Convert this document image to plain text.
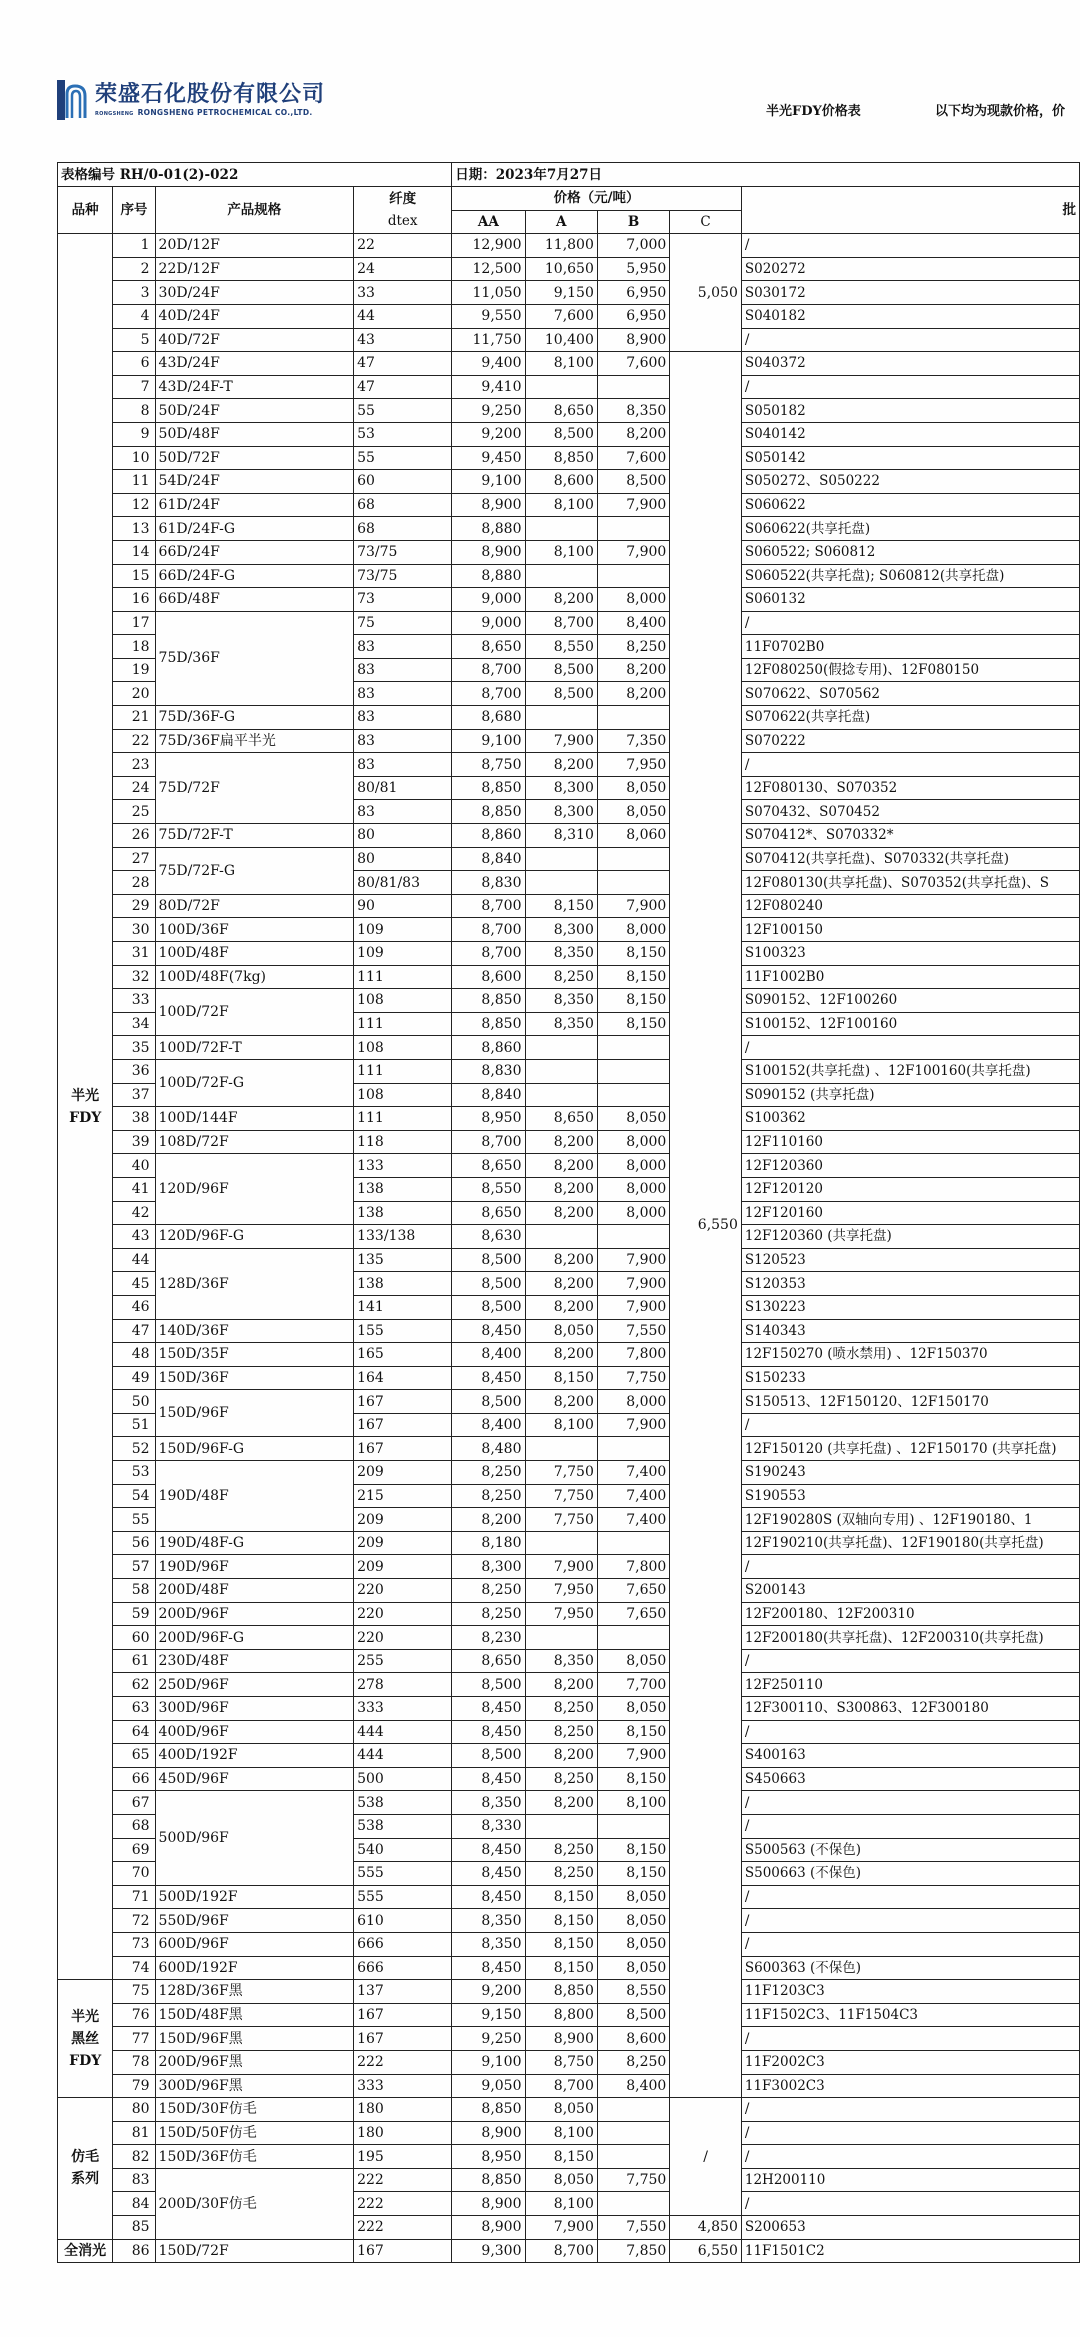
荣盛石化股份有限公司
RONGSHENG RONGSHENG PETROCHEMICAL CO.,LTD.	半光FDY价格表	以下均为现款价格，价
表格编号 RH/0-01(2)-022				日期：2023年7月27日				
品种	序号	产品规格	纤度
dtex	价格（元/吨）				批
				AA	A	B	C	
半光
FDY	1	20D/12F	22	12,900	11,800	7,000	5,050	/
	2	22D/12F	24	12,500	10,650	5,950		S020272
	3	30D/24F	33	11,050	9,150	6,950		S030172
	4	40D/24F	44	9,550	7,600	6,950		S040182
	5	40D/72F	43	11,750	10,400	8,900		/
	6	43D/24F	47	9,400	8,100	7,600	6,550	S040372
	7	43D/24F-T	47	9,410				/
	8	50D/24F	55	9,250	8,650	8,350		S050182
	9	50D/48F	53	9,200	8,500	8,200		S040142
	10	50D/72F	55	9,450	8,850	7,600		S050142
	11	54D/24F	60	9,100	8,600	8,500		S050272、S050222
	12	61D/24F	68	8,900	8,100	7,900		S060622
	13	61D/24F-G	68	8,880				S060622(共享托盘)
	14	66D/24F	73/75	8,900	8,100	7,900		S060522; S060812
	15	66D/24F-G	73/75	8,880				S060522(共享托盘); S060812(共享托盘)
	16	66D/48F	73	9,000	8,200	8,000		S060132
	17	75D/36F	75	9,000	8,700	8,400		/
	18		83	8,650	8,550	8,250		11F0702B0
	19		83	8,700	8,500	8,200		12F080250(假捻专用)、12F080150
	20		83	8,700	8,500	8,200		S070622、S070562
	21	75D/36F-G	83	8,680				S070622(共享托盘)
	22	75D/36F扁平半光	83	9,100	7,900	7,350		S070222
	23	75D/72F	83	8,750	8,200	7,950		/
	24		80/81	8,850	8,300	8,050		12F080130、S070352
	25		83	8,850	8,300	8,050		S070432、S070452
	26	75D/72F-T	80	8,860	8,310	8,060		S070412*、S070332*
	27	75D/72F-G	80	8,840				S070412(共享托盘)、S070332(共享托盘)
	28		80/81/83	8,830				12F080130(共享托盘)、S070352(共享托盘)、S
	29	80D/72F	90	8,700	8,150	7,900		12F080240
	30	100D/36F	109	8,700	8,300	8,000		12F100150
	31	100D/48F	109	8,700	8,350	8,150		S100323
	32	100D/48F(7kg)	111	8,600	8,250	8,150		11F1002B0
	33	100D/72F	108	8,850	8,350	8,150		S090152、12F100260
	34		111	8,850	8,350	8,150		S100152、12F100160
	35	100D/72F-T	108	8,860				/
	36	100D/72F-G	111	8,830				S100152(共享托盘) 、12F100160(共享托盘)
	37		108	8,840				S090152 (共享托盘)
	38	100D/144F	111	8,950	8,650	8,050		S100362
	39	108D/72F	118	8,700	8,200	8,000		12F110160
	40	120D/96F	133	8,650	8,200	8,000		12F120360
	41		138	8,550	8,200	8,000		12F120120
	42		138	8,650	8,200	8,000		12F120160
	43	120D/96F-G	133/138	8,630				12F120360 (共享托盘)
	44	128D/36F	135	8,500	8,200	7,900		S120523
	45		138	8,500	8,200	7,900		S120353
	46		141	8,500	8,200	7,900		S130223
	47	140D/36F	155	8,450	8,050	7,550		S140343
	48	150D/35F	165	8,400	8,200	7,800		12F150270 (喷水禁用) 、12F150370
	49	150D/36F	164	8,450	8,150	7,750		S150233
	50	150D/96F	167	8,500	8,200	8,000		S150513、12F150120、12F150170
	51		167	8,400	8,100	7,900		/
	52	150D/96F-G	167	8,480				12F150120 (共享托盘) 、12F150170 (共享托盘)
	53	190D/48F	209	8,250	7,750	7,400		S190243
	54		215	8,250	7,750	7,400		S190553
	55		209	8,200	7,750	7,400		12F190280S (双轴向专用) 、12F190180、1
	56	190D/48F-G	209	8,180				12F190210(共享托盘)、12F190180(共享托盘)
	57	190D/96F	209	8,300	7,900	7,800		/
	58	200D/48F	220	8,250	7,950	7,650		S200143
	59	200D/96F	220	8,250	7,950	7,650		12F200180、12F200310
	60	200D/96F-G	220	8,230				12F200180(共享托盘)、12F200310(共享托盘)
	61	230D/48F	255	8,650	8,350	8,050		/
	62	250D/96F	278	8,500	8,200	7,700		12F250110
	63	300D/96F	333	8,450	8,250	8,050		12F300110、S300863、12F300180
	64	400D/96F	444	8,450	8,250	8,150		/
	65	400D/192F	444	8,500	8,200	7,900		S400163
	66	450D/96F	500	8,450	8,250	8,150		S450663
	67	500D/96F	538	8,350	8,200	8,100		/
	68		538	8,330				/
	69		540	8,450	8,250	8,150		S500563 (不保色)
	70		555	8,450	8,250	8,150		S500663 (不保色)
	71	500D/192F	555	8,450	8,150	8,050		/
	72	550D/96F	610	8,350	8,150	8,050		/
	73	600D/96F	666	8,350	8,150	8,050		/
	74	600D/192F	666	8,450	8,150	8,050		S600363 (不保色)
半光
黑丝
FDY	75	128D/36F黑	137	9,200	8,850	8,550		11F1203C3
	76	150D/48F黑	167	9,150	8,800	8,500		11F1502C3、11F1504C3
	77	150D/96F黑	167	9,250	8,900	8,600		/
	78	200D/96F黑	222	9,100	8,750	8,250		11F2002C3
	79	300D/96F黑	333	9,050	8,700	8,400		11F3002C3
仿毛
系列	80	150D/30F仿毛	180	8,850	8,050		/	/
	81	150D/50F仿毛	180	8,900	8,100			/
	82	150D/36F仿毛	195	8,950	8,150			/
	83	200D/30F仿毛	222	8,850	8,050	7,750		12H200110
	84		222	8,900	8,100			/
	85		222	8,900	7,900	7,550	4,850	S200653
全消光	86	150D/72F	167	9,300	8,700	7,850	6,550	11F1501C2
